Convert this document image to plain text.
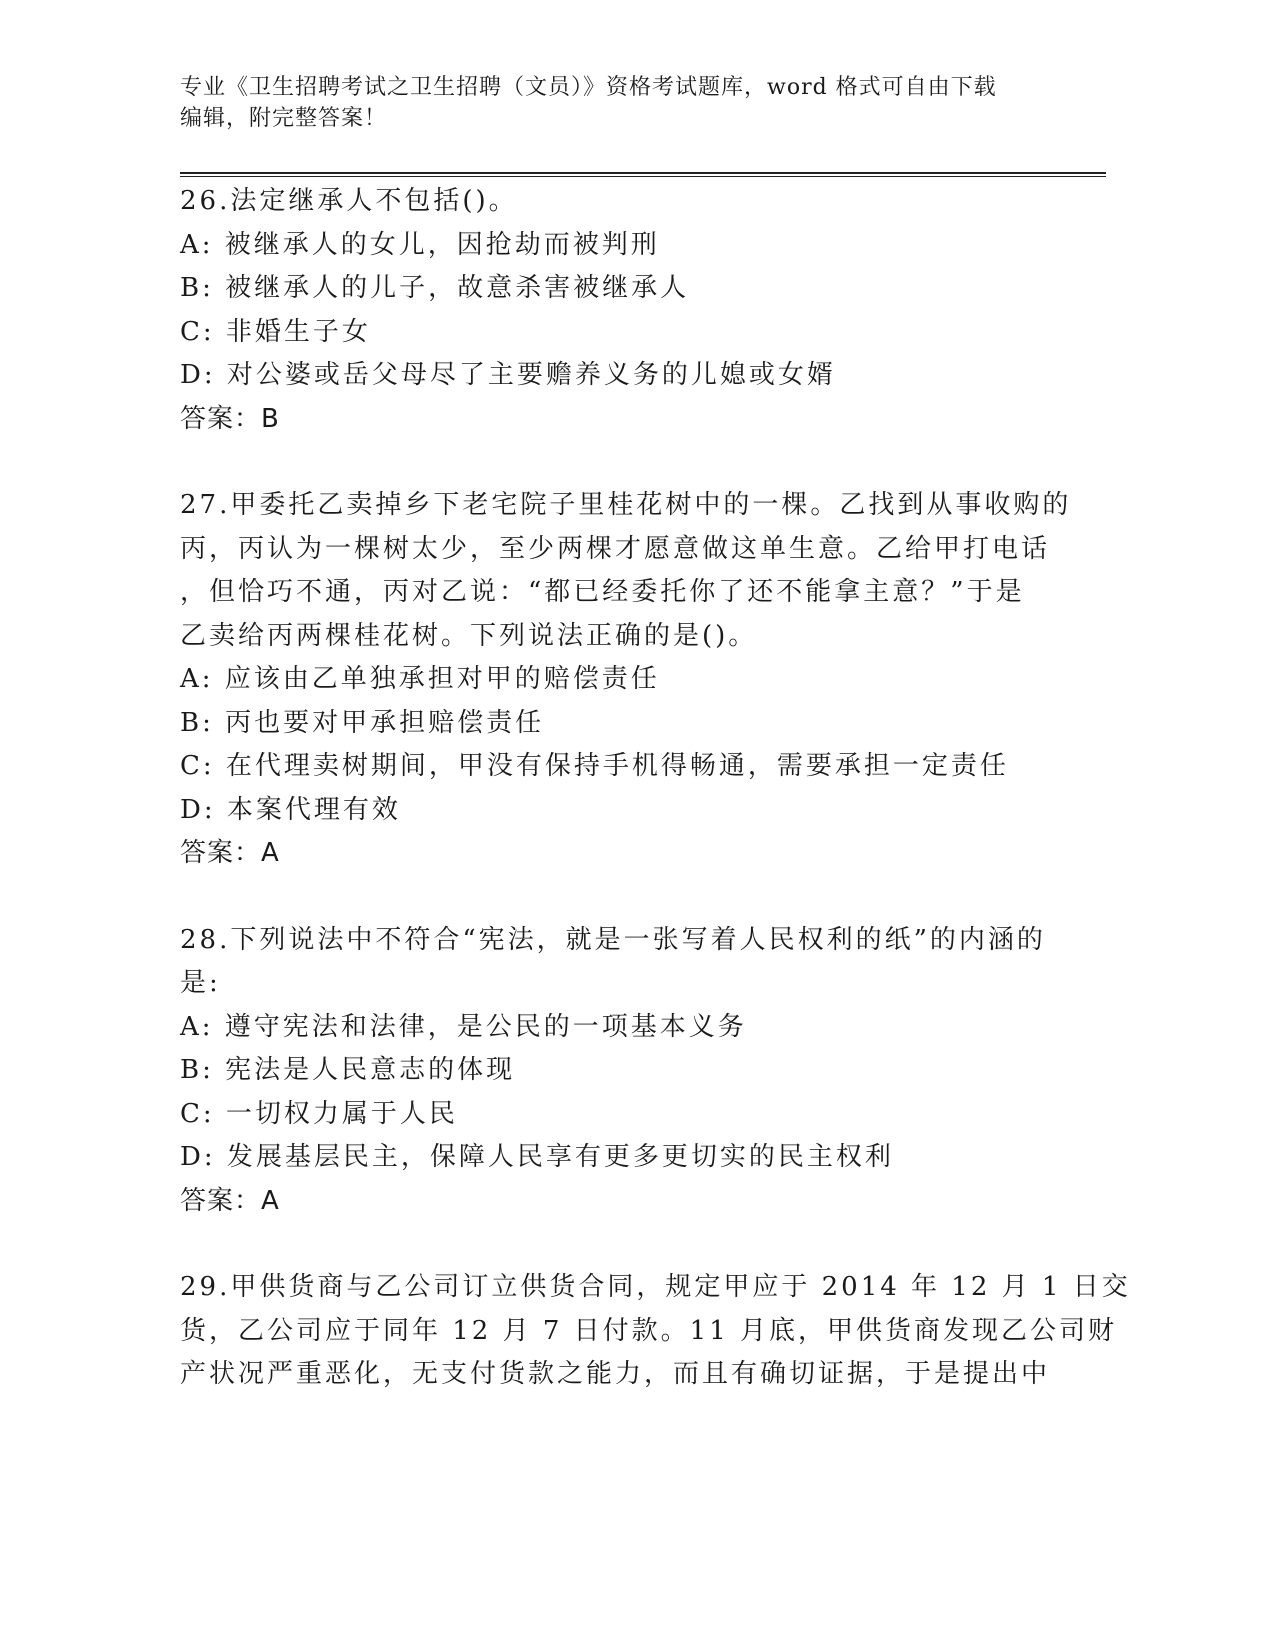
专业《卫生招聘考试之卫生招聘（文员）》资格考试题库，word 格式可自由下载
编辑，附完整答案！
26.法定继承人不包括()。
A: 被继承人的女儿，因抢劫而被判刑
B: 被继承人的儿子，故意杀害被继承人
C: 非婚生子女
D: 对公婆或岳父母尽了主要赡养义务的儿媳或女婿
答案：B
27.甲委托乙卖掉乡下老宅院子里桂花树中的一棵。乙找到从事收购的
丙，丙认为一棵树太少，至少两棵才愿意做这单生意。乙给甲打电话
，但恰巧不通，丙对乙说：“都已经委托你了还不能拿主意？”于是
乙卖给丙两棵桂花树。下列说法正确的是()。
A: 应该由乙单独承担对甲的赔偿责任
B: 丙也要对甲承担赔偿责任
C: 在代理卖树期间，甲没有保持手机得畅通，需要承担一定责任
D: 本案代理有效
答案：A
28.下列说法中不符合“宪法，就是一张写着人民权利的纸”的内涵的
是:
A: 遵守宪法和法律，是公民的一项基本义务
B: 宪法是人民意志的体现
C: 一切权力属于人民
D: 发展基层民主，保障人民享有更多更切实的民主权利
答案：A
29.甲供货商与乙公司订立供货合同，规定甲应于 2014 年 12 月 1 日交
货，乙公司应于同年 12 月 7 日付款。11 月底，甲供货商发现乙公司财
产状况严重恶化，无支付货款之能力，而且有确切证据，于是提出中
